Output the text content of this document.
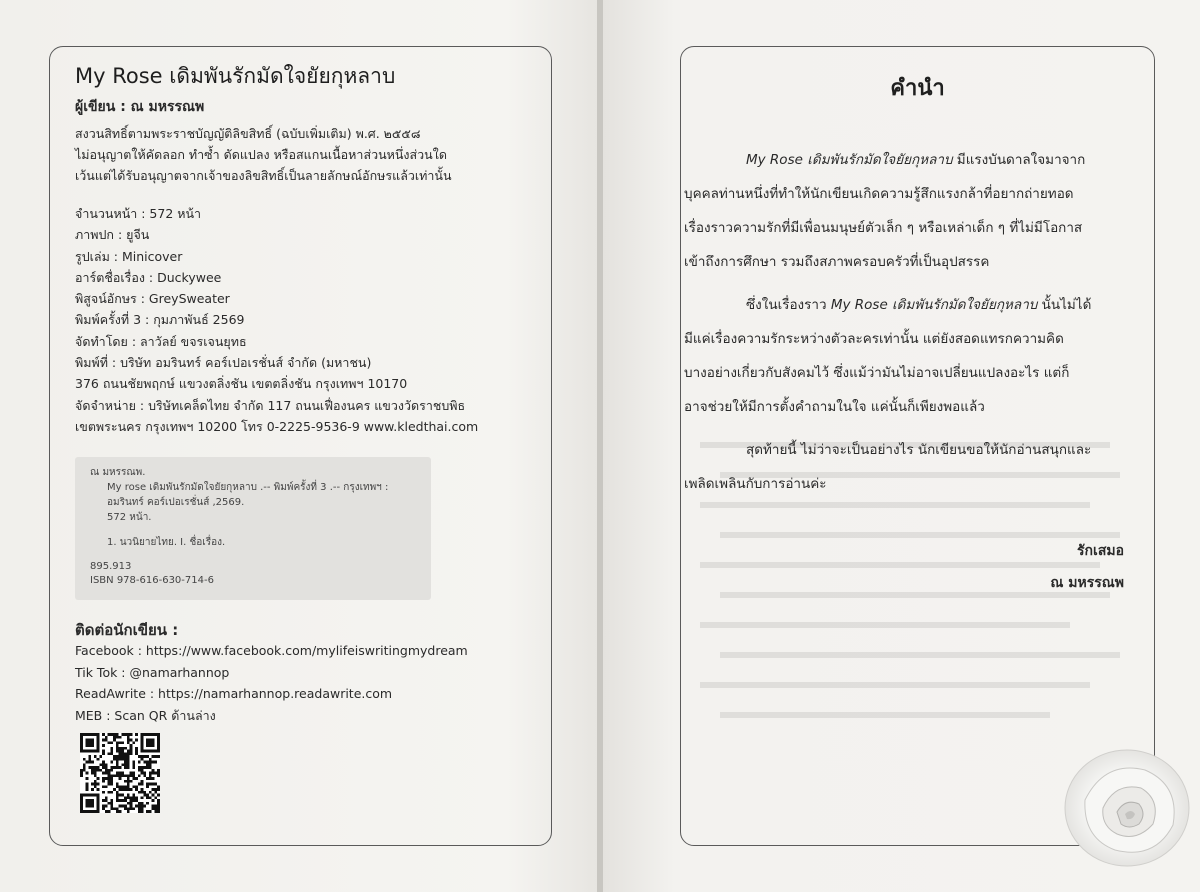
My Rose เดิมพันรักมัดใจยัยกุหลาบ
ผู้เขียน : ณ มหรรณพ
สงวนสิทธิ์ตามพระราชบัญญัติลิขสิทธิ์ (ฉบับเพิ่มเติม) พ.ศ. ๒๕๕๘
ไม่อนุญาตให้คัดลอก ทำซ้ำ ดัดแปลง หรือสแกนเนื้อหาส่วนหนึ่งส่วนใด
เว้นแต่ได้รับอนุญาตจากเจ้าของลิขสิทธิ์เป็นลายลักษณ์อักษรแล้วเท่านั้น
จำนวนหน้า : 572 หน้า
ภาพปก : ยูจีน
รูปเล่ม : Minicover
อาร์ตชื่อเรื่อง : Duckywee
พิสูจน์อักษร : GreySweater
พิมพ์ครั้งที่ 3 : กุมภาพันธ์ 2569
จัดทำโดย : ลาวัลย์ ขจรเจนยุทธ
พิมพ์ที่ : บริษัท อมรินทร์ คอร์เปอเรชั่นส์ จำกัด (มหาชน)
376 ถนนชัยพฤกษ์ แขวงตลิ่งชัน เขตตลิ่งชัน กรุงเทพฯ 10170
จัดจำหน่าย : บริษัทเคล็ดไทย จำกัด 117 ถนนเฟื่องนคร แขวงวัดราชบพิธ
เขตพระนคร กรุงเทพฯ 10200 โทร 0-2225-9536-9 www.kledthai.com
ณ มหรรณพ.
My rose เดิมพันรักมัดใจยัยกุหลาบ .-- พิมพ์ครั้งที่ 3 .-- กรุงเทพฯ :
อมรินทร์ คอร์เปอเรชั่นส์ ,2569.
572 หน้า.
1. นวนิยายไทย. I. ชื่อเรื่อง.
895.913
ISBN 978-616-630-714-6
ติดต่อนักเขียน :
Facebook : https://www.facebook.com/mylifeiswritingmydream
Tik Tok : @namarhannop
ReadAwrite : https://namarhannop.readawrite.com
MEB : Scan QR ด้านล่าง
คำนำ
My Rose เดิมพันรักมัดใจยัยกุหลาบ มีแรงบันดาลใจมาจาก
บุคคลท่านหนึ่งที่ทำให้นักเขียนเกิดความรู้สึกแรงกล้าที่อยากถ่ายทอด
เรื่องราวความรักที่มีเพื่อนมนุษย์ตัวเล็ก ๆ หรือเหล่าเด็ก ๆ ที่ไม่มีโอกาส
เข้าถึงการศึกษา รวมถึงสภาพครอบครัวที่เป็นอุปสรรค
ซึ่งในเรื่องราว My Rose เดิมพันรักมัดใจยัยกุหลาบ นั้นไม่ได้
มีแค่เรื่องความรักระหว่างตัวละครเท่านั้น แต่ยังสอดแทรกความคิด
บางอย่างเกี่ยวกับสังคมไว้ ซึ่งแม้ว่ามันไม่อาจเปลี่ยนแปลงอะไร แต่ก็
อาจช่วยให้มีการตั้งคำถามในใจ แค่นั้นก็เพียงพอแล้ว
สุดท้ายนี้ ไม่ว่าจะเป็นอย่างไร นักเขียนขอให้นักอ่านสนุกและ
เพลิดเพลินกับการอ่านค่ะ
รักเสมอ
ณ มหรรณพ
